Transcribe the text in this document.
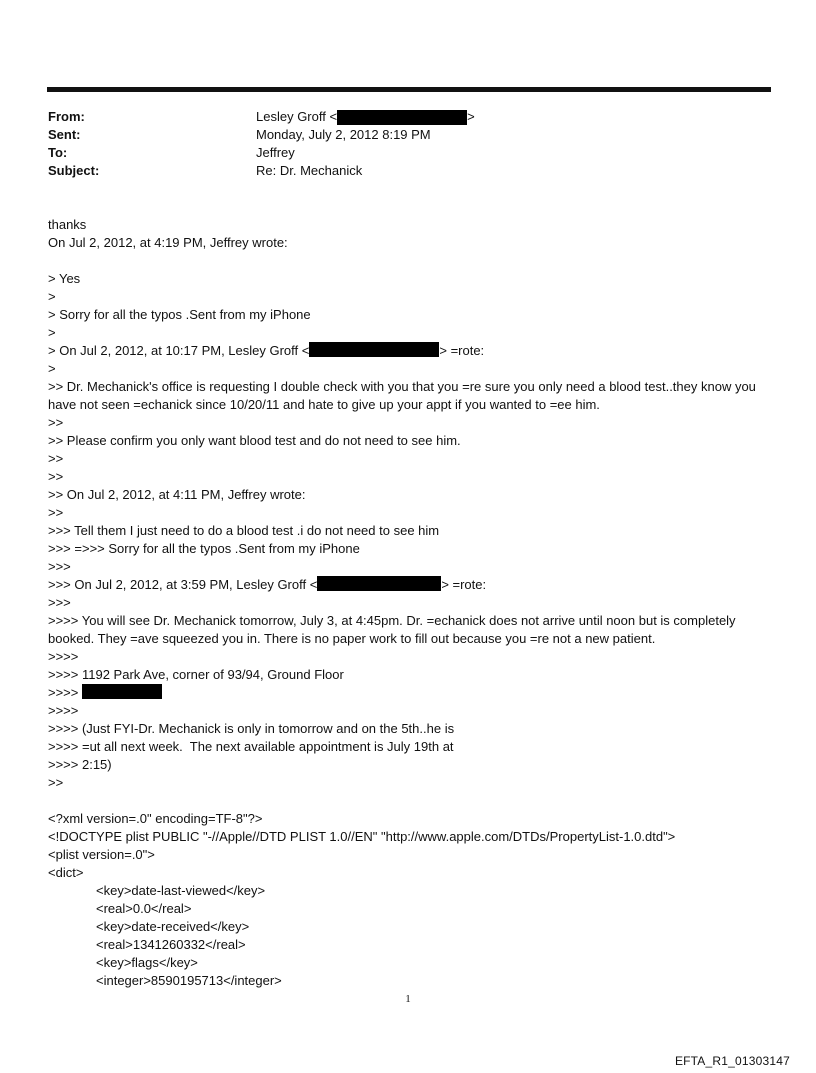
From:	Lesley Groff <	>
Sent:	Monday, July 2, 2012 8:19 PM
To:	Jeffrey
Subject:	Re: Dr. Mechanick
thanks
On Jul 2, 2012, at 4:19 PM, Jeffrey wrote:
> Yes
>
> Sorry for all the typos .Sent from my iPhone
>
> On Jul 2, 2012, at 10:17 PM, Lesley Groff <	> =rote:
>
>> Dr. Mechanick's office is requesting I double check with you that you =re sure you only need a blood test..they know you have not seen =echanick since 10/20/11 and hate to give up your appt if you wanted to =ee him.
>>
>> Please confirm you only want blood test and do not need to see him.
>>
>>
>> On Jul 2, 2012, at 4:11 PM, Jeffrey wrote:
>>
>>> Tell them I just need to do a blood test .i do not need to see him
>>> =>>> Sorry for all the typos .Sent from my iPhone
>>>
>>> On Jul 2, 2012, at 3:59 PM, Lesley Groff <	> =rote:
>>>
>>>> You will see Dr. Mechanick tomorrow, July 3, at 4:45pm. Dr. =echanick does not arrive until noon but is completely booked. They =ave squeezed you in. There is no paper work to fill out because you =re not a new patient.
>>>>
>>>> 1192 Park Ave, corner of 93/94, Ground Floor
>>>>
>>>>
>>>> (Just FYI-Dr. Mechanick is only in tomorrow and on the 5th..he is
>>>> =ut all next week.  The next available appointment is July 19th at
>>>> 2:15)
>>
<?xml version=.0" encoding=TF-8"?>
<!DOCTYPE plist PUBLIC "-//Apple//DTD PLIST 1.0//EN" "http://www.apple.com/DTDs/PropertyList-1.0.dtd">
<plist version=.0">
<dict>
<key>date-last-viewed</key>
<real>0.0</real>
<key>date-received</key>
<real>1341260332</real>
<key>flags</key>
<integer>8590195713</integer>
1
EFTA_R1_01303147
